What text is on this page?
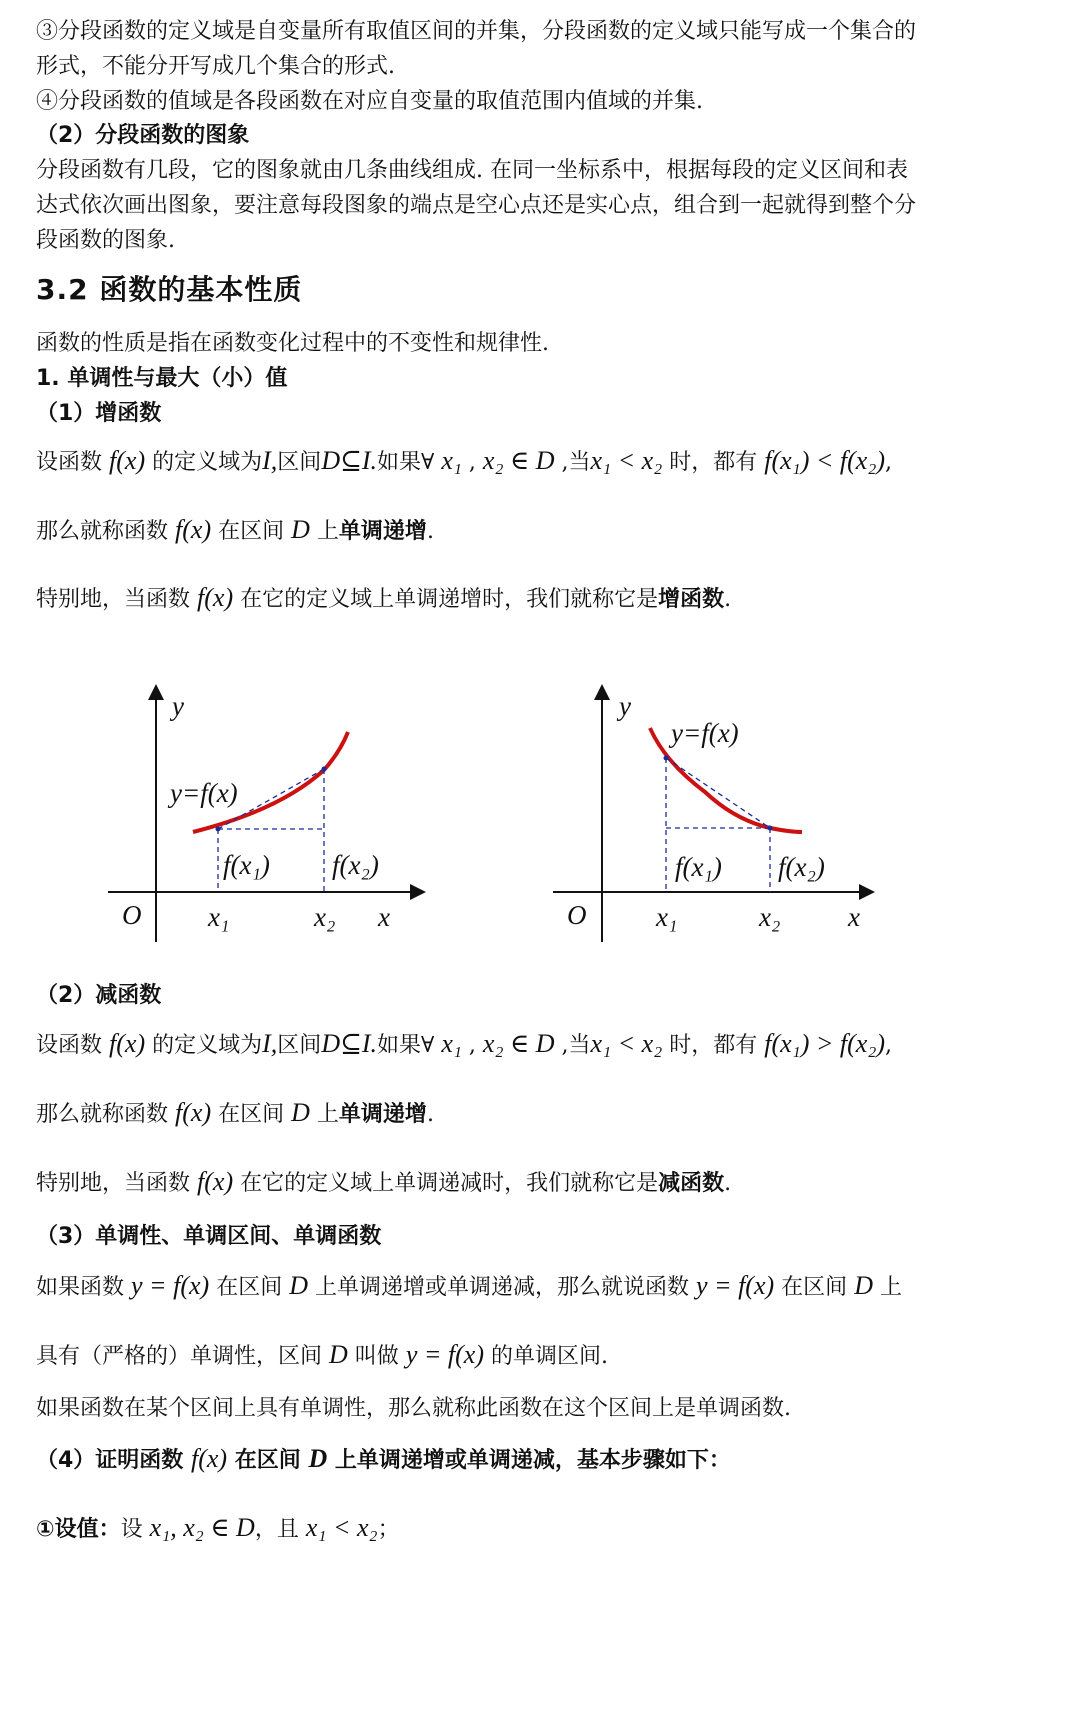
③分段函数的定义域是自变量所有取值区间的并集，分段函数的定义域只能写成一个集合的
形式，不能分开写成几个集合的形式.
④分段函数的值域是各段函数在对应自变量的取值范围内值域的并集.
（2）分段函数的图象
分段函数有几段，它的图象就由几条曲线组成. 在同一坐标系中，根据每段的定义区间和表
达式依次画出图象，要注意每段图象的端点是空心点还是实心点，组合到一起就得到整个分
段函数的图象.
3.2 函数的基本性质
函数的性质是指在函数变化过程中的不变性和规律性.
1. 单调性与最大（小）值
（1）增函数
设函数 f(x) 的定义域为I,区间D⊆I.如果∀ x₁ , x₂ ∈ D ,当x₁ < x₂ 时，都有 f(x₁) < f(x₂),
那么就称函数 f(x) 在区间 D 上单调递增.
特别地，当函数 f(x) 在它的定义域上单调递增时，我们就称它是增函数.
y
x
O
y=f(x)
f(x₁) f(x₂)
x₁	x₂
y
x
O
y=f(x)
f(x₁) f(x₂)
x₁	x₂
（2）减函数
设函数 f(x) 的定义域为I,区间D⊆I.如果∀ x₁ , x₂ ∈ D ,当x₁ < x₂ 时，都有 f(x₁) > f(x₂),
那么就称函数 f(x) 在区间 D 上单调递增.
特别地，当函数 f(x) 在它的定义域上单调递减时，我们就称它是减函数.
（3）单调性、单调区间、单调函数
如果函数 y = f(x) 在区间 D 上单调递增或单调递减，那么就说函数 y = f(x) 在区间 D 上
具有（严格的）单调性，区间 D 叫做 y = f(x) 的单调区间.
如果函数在某个区间上具有单调性，那么就称此函数在这个区间上是单调函数.
（4）证明函数 f(x) 在区间 D 上单调递增或单调递减，基本步骤如下：
①设值：设 x₁, x₂ ∈ D，且 x₁ < x₂；
